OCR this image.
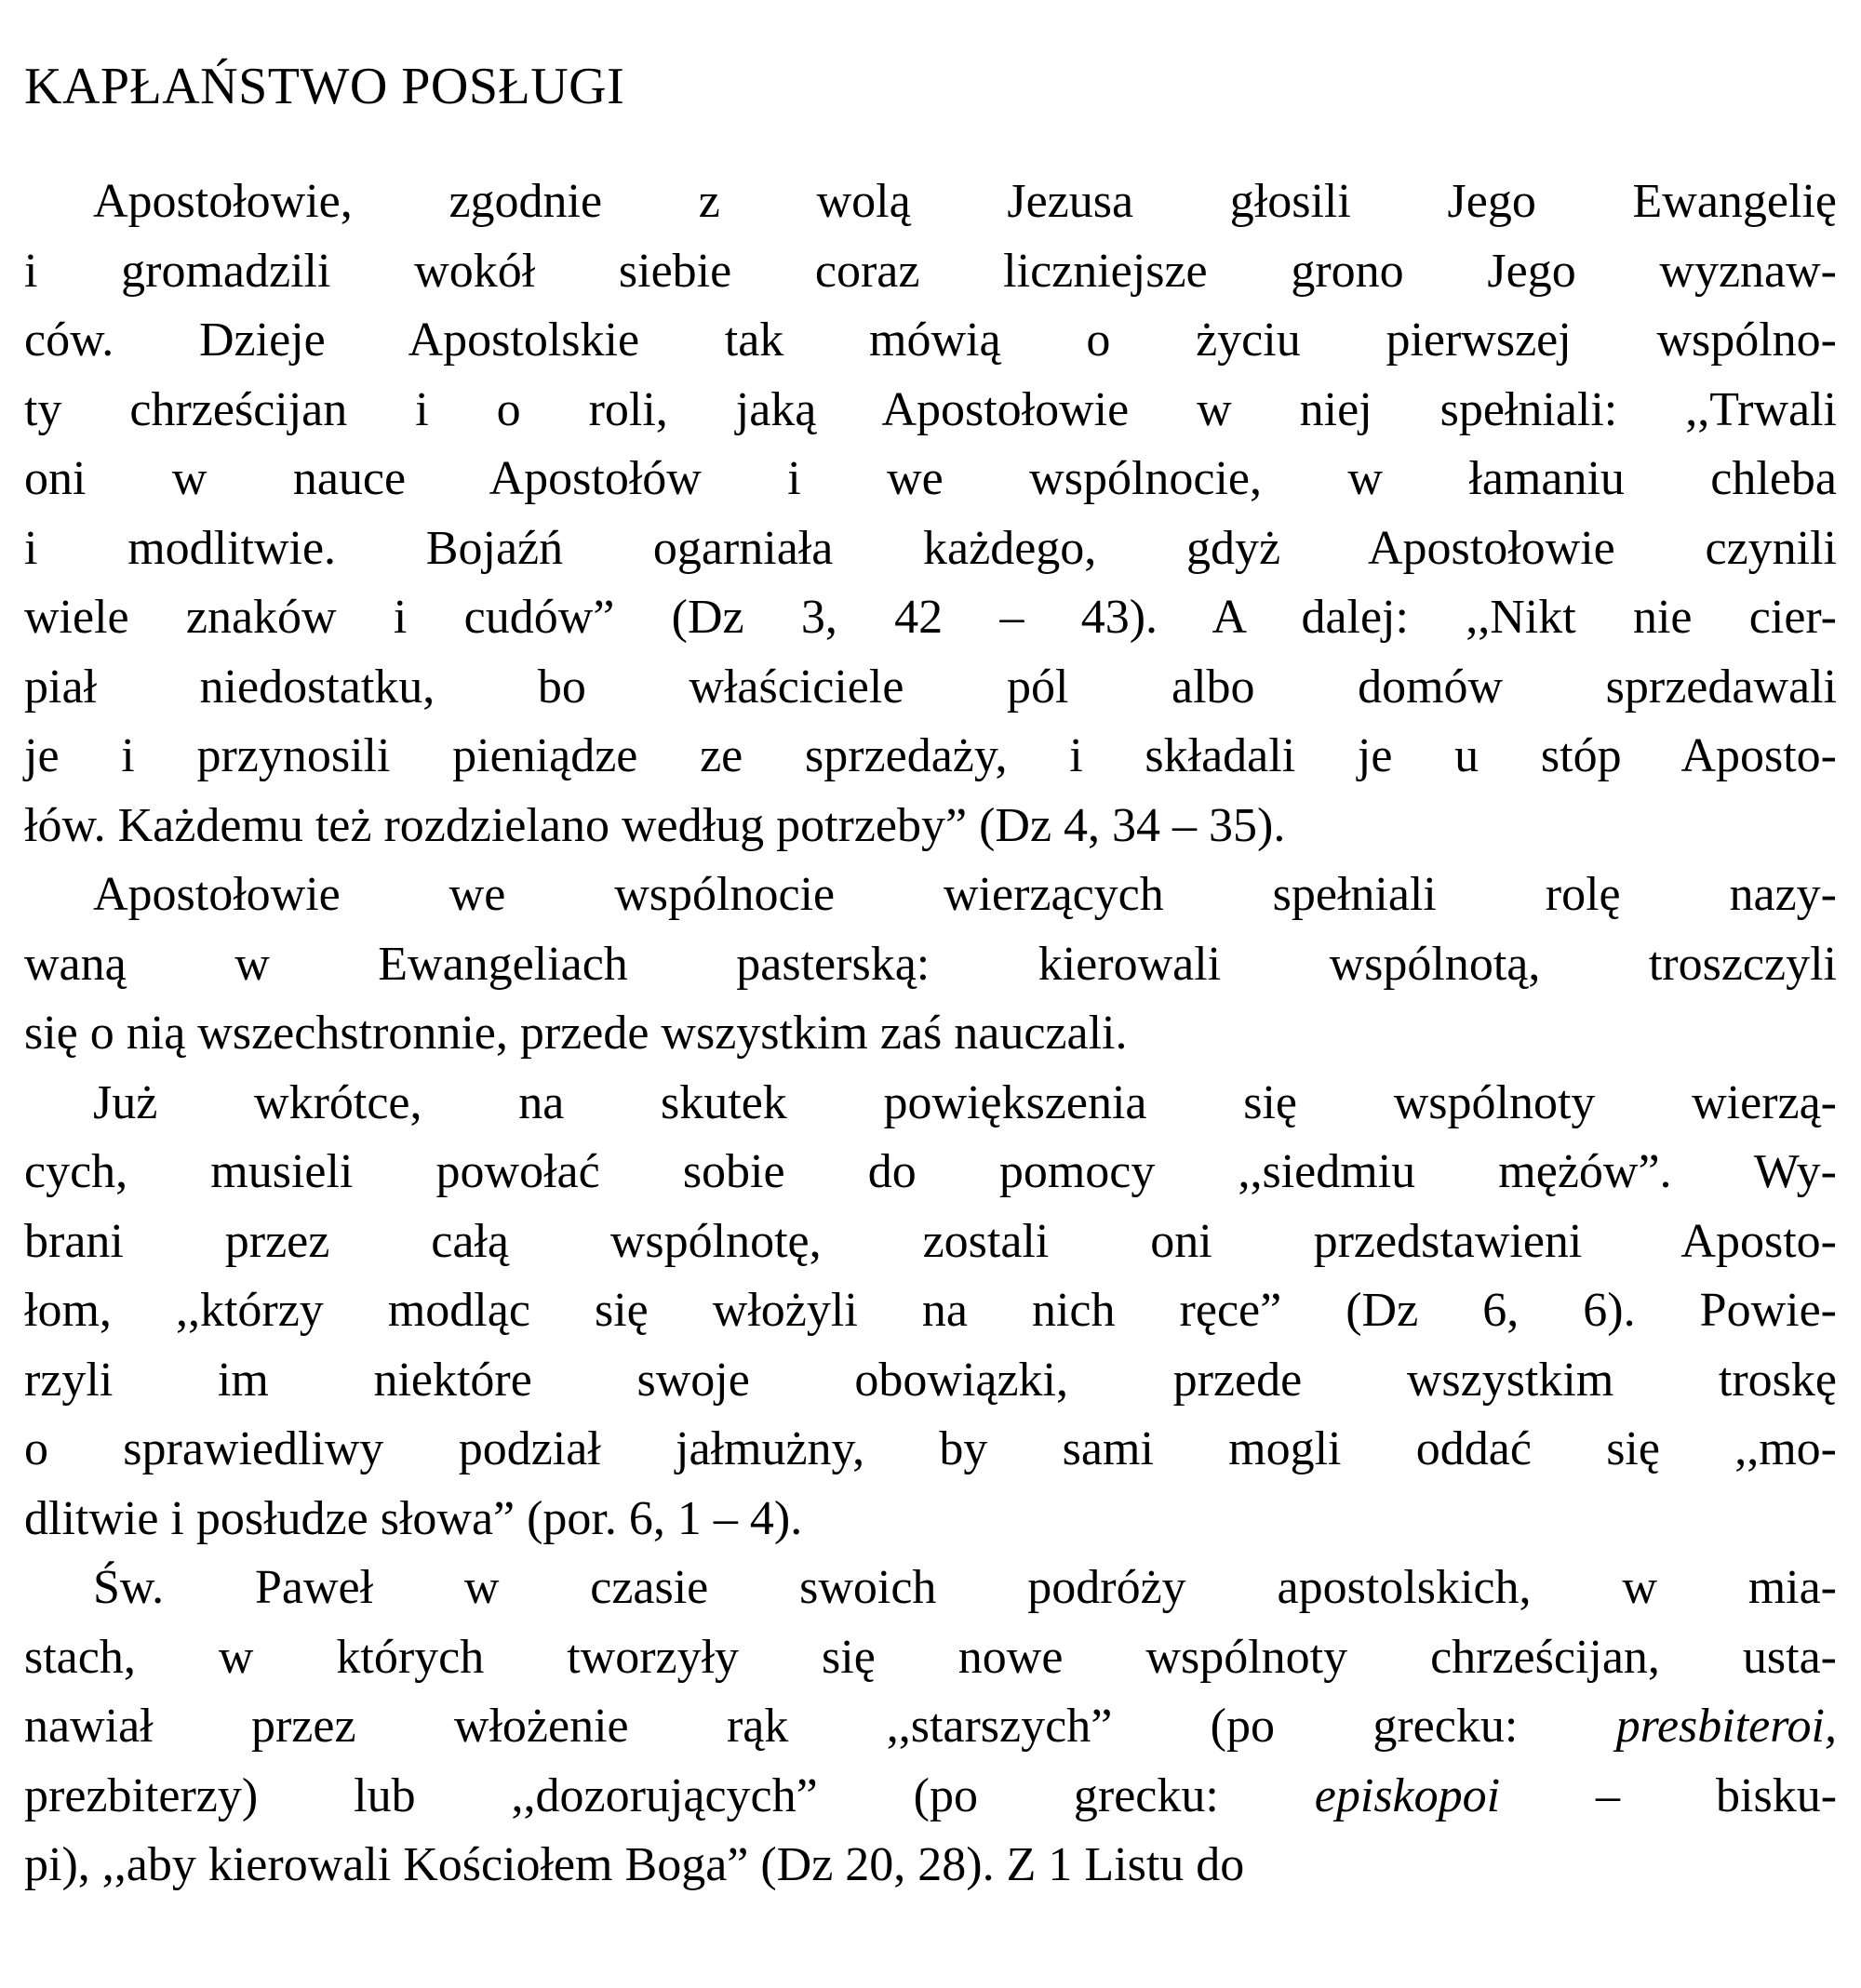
KAPŁAŃSTWO POSŁUGI
Apostołowie, zgodnie z wolą Jezusa głosili Jego Ewangelię
i gromadzili wokół siebie coraz liczniejsze grono Jego wyznaw-
ców. Dzieje Apostolskie tak mówią o życiu pierwszej wspólno-
ty chrześcijan i o roli, jaką Apostołowie w niej spełniali: ,,Trwali
oni w nauce Apostołów i we wspólnocie, w łamaniu chleba
i modlitwie. Bojaźń ogarniała każdego, gdyż Apostołowie czynili
wiele znaków i cudów” (Dz 3, 42 – 43). A dalej: ,,Nikt nie cier-
piał niedostatku, bo właściciele pól albo domów sprzedawali
je i przynosili pieniądze ze sprzedaży, i składali je u stóp Aposto-
łów. Każdemu też rozdzielano według potrzeby” (Dz 4, 34 – 35).
Apostołowie we wspólnocie wierzących spełniali rolę nazy-
waną w Ewangeliach pasterską: kierowali wspólnotą, troszczyli
się o nią wszechstronnie, przede wszystkim zaś nauczali.
Już wkrótce, na skutek powiększenia się wspólnoty wierzą-
cych, musieli powołać sobie do pomocy ,,siedmiu mężów”. Wy-
brani przez całą wspólnotę, zostali oni przedstawieni Aposto-
łom, ,,którzy modląc się włożyli na nich ręce” (Dz 6, 6). Powie-
rzyli im niektóre swoje obowiązki, przede wszystkim troskę
o sprawiedliwy podział jałmużny, by sami mogli oddać się ,,mo-
dlitwie i posłudze słowa” (por. 6, 1 – 4).
Św. Paweł w czasie swoich podróży apostolskich, w mia-
stach, w których tworzyły się nowe wspólnoty chrześcijan, usta-
nawiał przez włożenie rąk ,,starszych” (po grecku: presbiteroi,
prezbiterzy) lub ,,dozorujących” (po grecku: episkopoi – bisku-
pi), ,,aby kierowali Kościołem Boga” (Dz 20, 28). Z 1 Listu do
